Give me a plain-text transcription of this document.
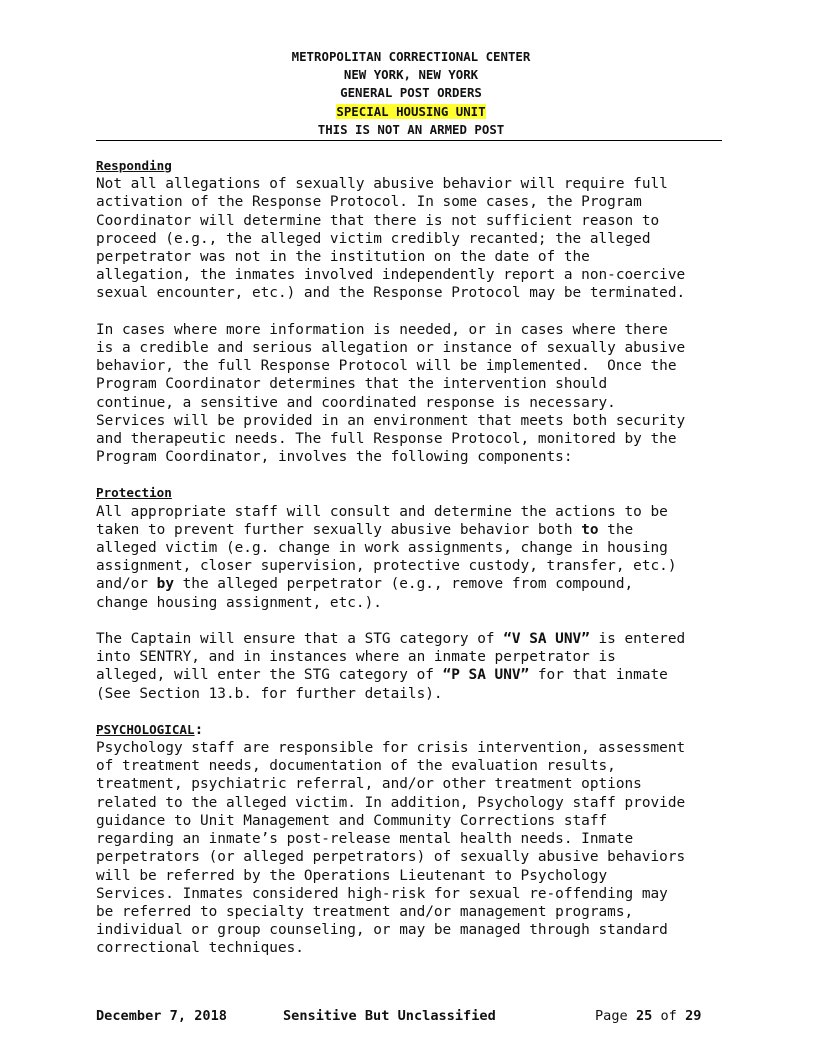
METROPOLITAN CORRECTIONAL CENTER
NEW YORK, NEW YORK
GENERAL POST ORDERS
SPECIAL HOUSING UNIT
THIS IS NOT AN ARMED POST
Responding
Not all allegations of sexually abusive behavior will require full
activation of the Response Protocol. In some cases, the Program
Coordinator will determine that there is not sufficient reason to
proceed (e.g., the alleged victim credibly recanted; the alleged
perpetrator was not in the institution on the date of the
allegation, the inmates involved independently report a non-coercive
sexual encounter, etc.) and the Response Protocol may be terminated.
In cases where more information is needed, or in cases where there
is a credible and serious allegation or instance of sexually abusive
behavior, the full Response Protocol will be implemented.  Once the
Program Coordinator determines that the intervention should
continue, a sensitive and coordinated response is necessary.
Services will be provided in an environment that meets both security
and therapeutic needs. The full Response Protocol, monitored by the
Program Coordinator, involves the following components:
Protection
All appropriate staff will consult and determine the actions to be
taken to prevent further sexually abusive behavior both to the
alleged victim (e.g. change in work assignments, change in housing
assignment, closer supervision, protective custody, transfer, etc.)
and/or by the alleged perpetrator (e.g., remove from compound,
change housing assignment, etc.).
The Captain will ensure that a STG category of “V SA UNV” is entered
into SENTRY, and in instances where an inmate perpetrator is
alleged, will enter the STG category of “P SA UNV” for that inmate
(See Section 13.b. for further details).
PSYCHOLOGICAL:
Psychology staff are responsible for crisis intervention, assessment
of treatment needs, documentation of the evaluation results,
treatment, psychiatric referral, and/or other treatment options
related to the alleged victim. In addition, Psychology staff provide
guidance to Unit Management and Community Corrections staff
regarding an inmate’s post-release mental health needs. Inmate
perpetrators (or alleged perpetrators) of sexually abusive behaviors
will be referred by the Operations Lieutenant to Psychology
Services. Inmates considered high-risk for sexual re-offending may
be referred to specialty treatment and/or management programs,
individual or group counseling, or may be managed through standard
correctional techniques.
December 7, 2018	Sensitive But Unclassified	Page 25 of 29
